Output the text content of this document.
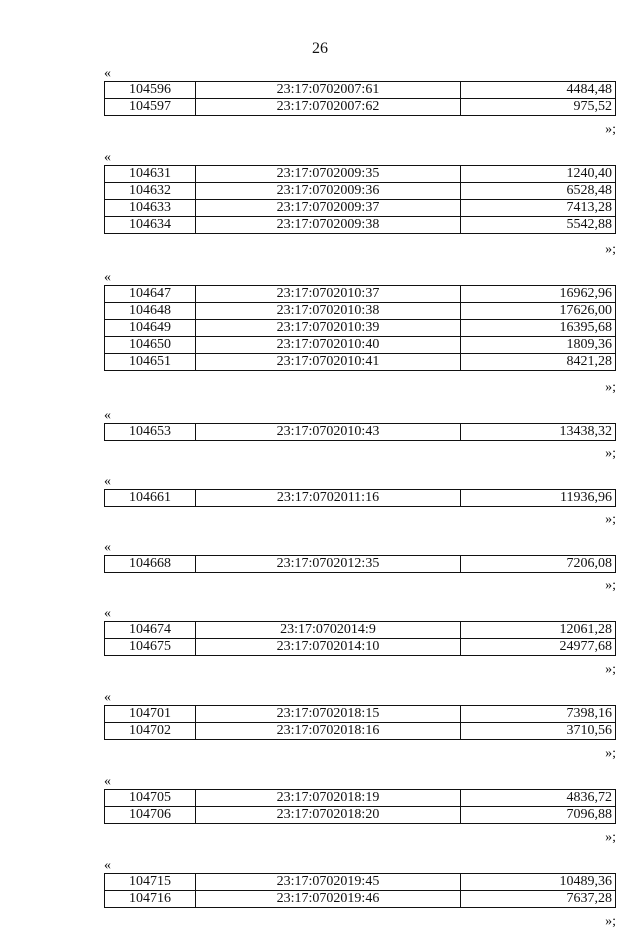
26
«
104596	23:17:0702007:61	4484,48
104597	23:17:0702007:62	975,52
»;
«
104631	23:17:0702009:35	1240,40
104632	23:17:0702009:36	6528,48
104633	23:17:0702009:37	7413,28
104634	23:17:0702009:38	5542,88
»;
«
104647	23:17:0702010:37	16962,96
104648	23:17:0702010:38	17626,00
104649	23:17:0702010:39	16395,68
104650	23:17:0702010:40	1809,36
104651	23:17:0702010:41	8421,28
»;
«
104653	23:17:0702010:43	13438,32
»;
«
104661	23:17:0702011:16	11936,96
»;
«
104668	23:17:0702012:35	7206,08
»;
«
104674	23:17:0702014:9	12061,28
104675	23:17:0702014:10	24977,68
»;
«
104701	23:17:0702018:15	7398,16
104702	23:17:0702018:16	3710,56
»;
«
104705	23:17:0702018:19	4836,72
104706	23:17:0702018:20	7096,88
»;
«
104715	23:17:0702019:45	10489,36
104716	23:17:0702019:46	7637,28
»;
